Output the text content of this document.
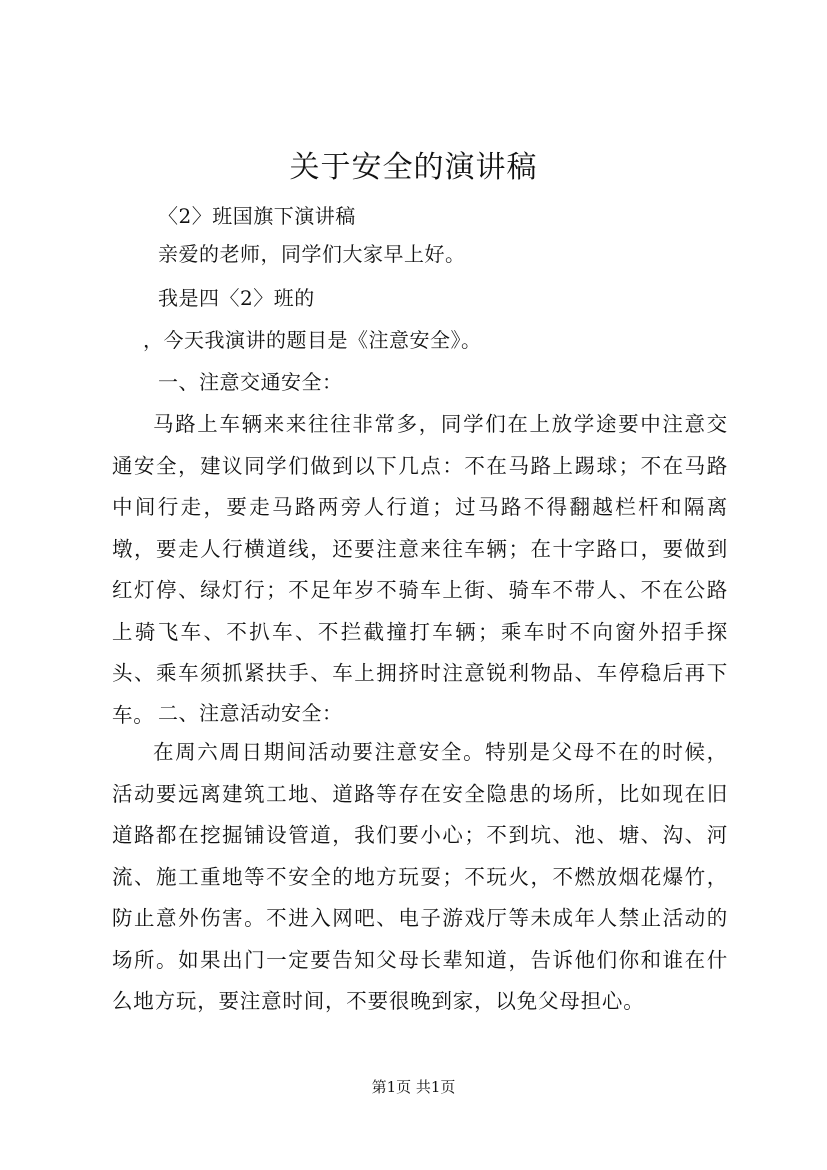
关于安全的演讲稿
〈2〉班国旗下演讲稿
亲爱的老师，同学们大家早上好。
我是四〈2〉班的
，今天我演讲的题目是《注意安全》。
一、注意交通安全：
马路上车辆来来往往非常多，同学们在上放学途要中注意交通安全，建议同学们做到以下几点：不在马路上踢球；不在马路中间行走，要走马路两旁人行道；过马路不得翻越栏杆和隔离墩，要走人行横道线，还要注意来往车辆；在十字路口，要做到红灯停、绿灯行；不足年岁不骑车上街、骑车不带人、不在公路上骑飞车、不扒车、不拦截撞打车辆；乘车时不向窗外招手探头、乘车须抓紧扶手、车上拥挤时注意锐利物品、车停稳后再下车。 二、注意活动安全：
在周六周日期间活动要注意安全。特别是父母不在的时候，活动要远离建筑工地、道路等存在安全隐患的场所，比如现在旧道路都在挖掘铺设管道，我们要小心；不到坑、池、塘、沟、河流、施工重地等不安全的地方玩耍；不玩火，不燃放烟花爆竹，防止意外伤害。不进入网吧、电子游戏厅等未成年人禁止活动的场所。如果出门一定要告知父母长辈知道，告诉他们你和谁在什么地方玩，要注意时间，不要很晚到家，以免父母担心。
第1页 共1页
